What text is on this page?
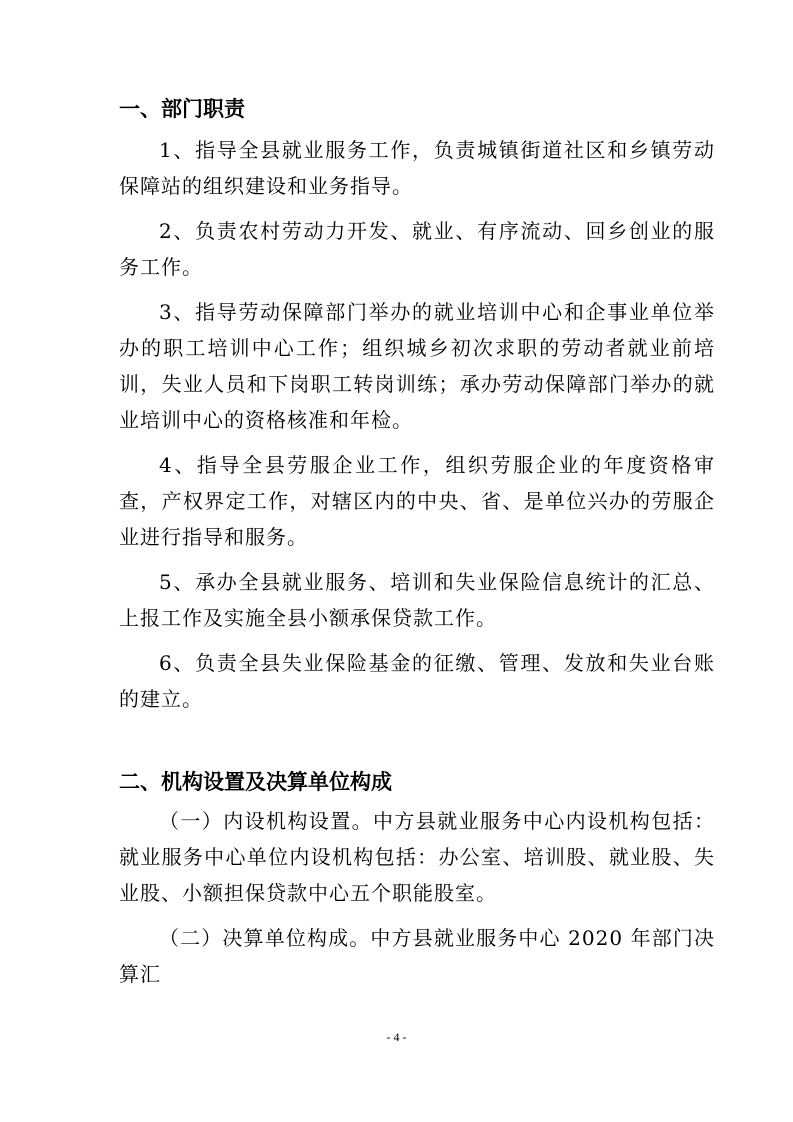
一、部门职责

1、指导全县就业服务工作，负责城镇街道社区和乡镇劳动保障站的组织建设和业务指导。

2、负责农村劳动力开发、就业、有序流动、回乡创业的服务工作。

3、指导劳动保障部门举办的就业培训中心和企事业单位举办的职工培训中心工作；组织城乡初次求职的劳动者就业前培训，失业人员和下岗职工转岗训练；承办劳动保障部门举办的就业培训中心的资格核准和年检。

4、指导全县劳服企业工作，组织劳服企业的年度资格审查，产权界定工作，对辖区内的中央、省、是单位兴办的劳服企业进行指导和服务。

5、承办全县就业服务、培训和失业保险信息统计的汇总、上报工作及实施全县小额承保贷款工作。

6、负责全县失业保险基金的征缴、管理、发放和失业台账的建立。

二、机构设置及决算单位构成

（一）内设机构设置。中方县就业服务中心内设机构包括：就业服务中心单位内设机构包括：办公室、培训股、就业股、失业股、小额担保贷款中心五个职能股室。

（二）决算单位构成。中方县就业服务中心 2020 年部门决算汇

- 4 -
